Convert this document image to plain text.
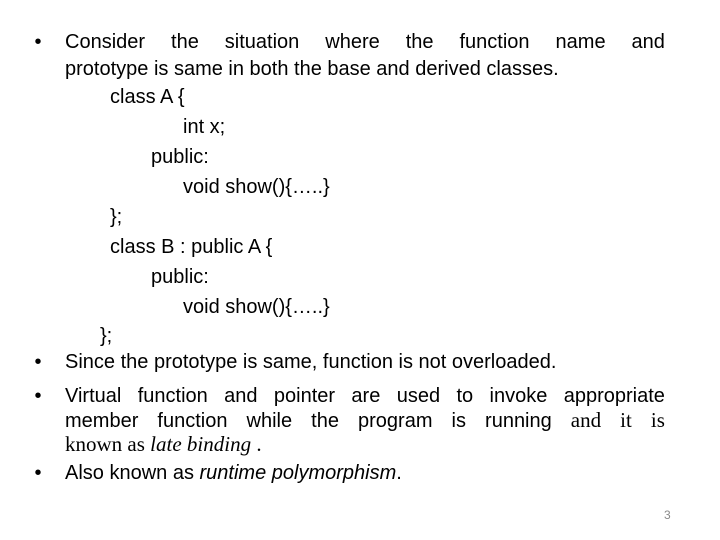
• Consider the situation where the function name and
prototype is same in both the base and derived classes.
class A {
int x;
public:
void show(){…..}
};
class B : public A {
public:
void show(){…..}
};
• Since the prototype is same, function is not overloaded.
• Virtual function and pointer are used to invoke appropriate
member function while the program is running and it is
known as late binding .
• Also known as runtime polymorphism.
3
